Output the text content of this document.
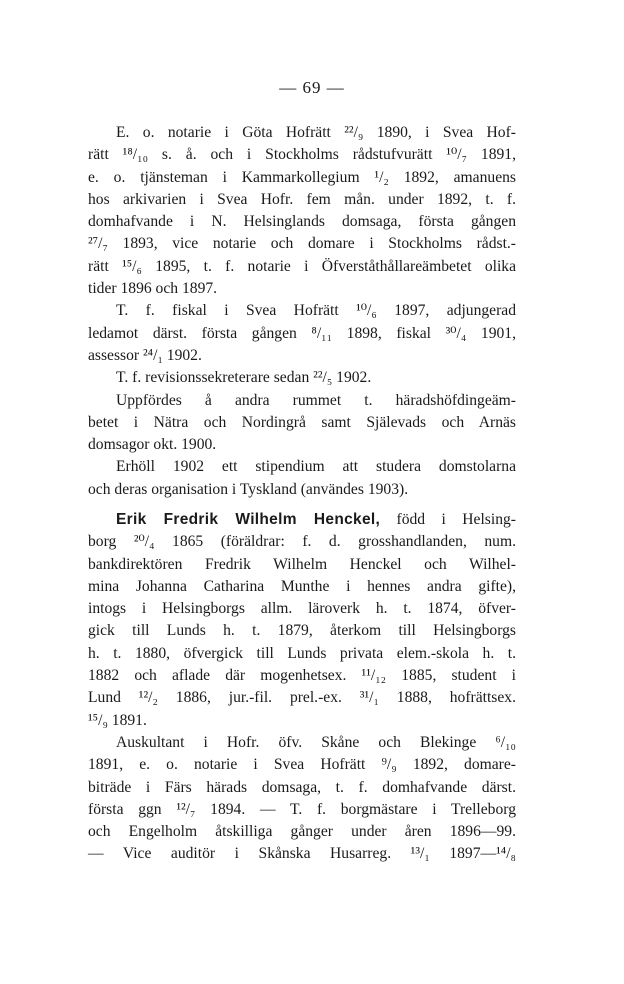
— 69 —
E. o. notarie i Göta Hofrätt ²²/₉ 1890, i Svea Hof-
rätt ¹⁸/₁₀ s. å. och i Stockholms rådstufvurätt ¹⁰/₇ 1891,
e. o. tjänsteman i Kammarkollegium ¹/₂ 1892, amanuens
hos arkivarien i Svea Hofr. fem mån. under 1892, t. f.
domhafvande i N. Helsinglands domsaga, första gången
²⁷/₇ 1893, vice notarie och domare i Stockholms rådst.-
rätt ¹⁵/₆ 1895, t. f. notarie i Öfverståthållareämbetet olika
tider 1896 och 1897.
T. f. fiskal i Svea Hofrätt ¹⁰/₆ 1897, adjungerad
ledamot därst. första gången ⁸/₁₁ 1898, fiskal ³⁰/₄ 1901,
assessor ²⁴/₁ 1902.
T. f. revisionssekreterare sedan ²²/₅ 1902.
Uppfördes å andra rummet t. häradshöfdingeäm-
betet i Nätra och Nordingrå samt Själevads och Arnäs
domsagor okt. 1900.
Erhöll 1902 ett stipendium att studera domstolarna
och deras organisation i Tyskland (användes 1903).
Erik Fredrik Wilhelm Henckel, född i Helsing-
borg ²⁰/₄ 1865 (föräldrar: f. d. grosshandlanden, num.
bankdirektören Fredrik Wilhelm Henckel och Wilhel-
mina Johanna Catharina Munthe i hennes andra gifte),
intogs i Helsingborgs allm. läroverk h. t. 1874, öfver-
gick till Lunds h. t. 1879, återkom till Helsingborgs
h. t. 1880, öfvergick till Lunds privata elem.-skola h. t.
1882 och aflade där mogenhetsex. ¹¹/₁₂ 1885, student i
Lund ¹²/₂ 1886, jur.-fil. prel.-ex. ³¹/₁ 1888, hofrättsex.
¹⁵/₉ 1891.
Auskultant i Hofr. öfv. Skåne och Blekinge ⁶/₁₀
1891, e. o. notarie i Svea Hofrätt ⁹/₉ 1892, domare-
biträde i Färs härads domsaga, t. f. domhafvande därst.
första ggn ¹²/₇ 1894. — T. f. borgmästare i Trelleborg
och Engelholm åtskilliga gånger under åren 1896—99.
— Vice auditör i Skånska Husarreg. ¹³/₁ 1897—¹⁴/₈
